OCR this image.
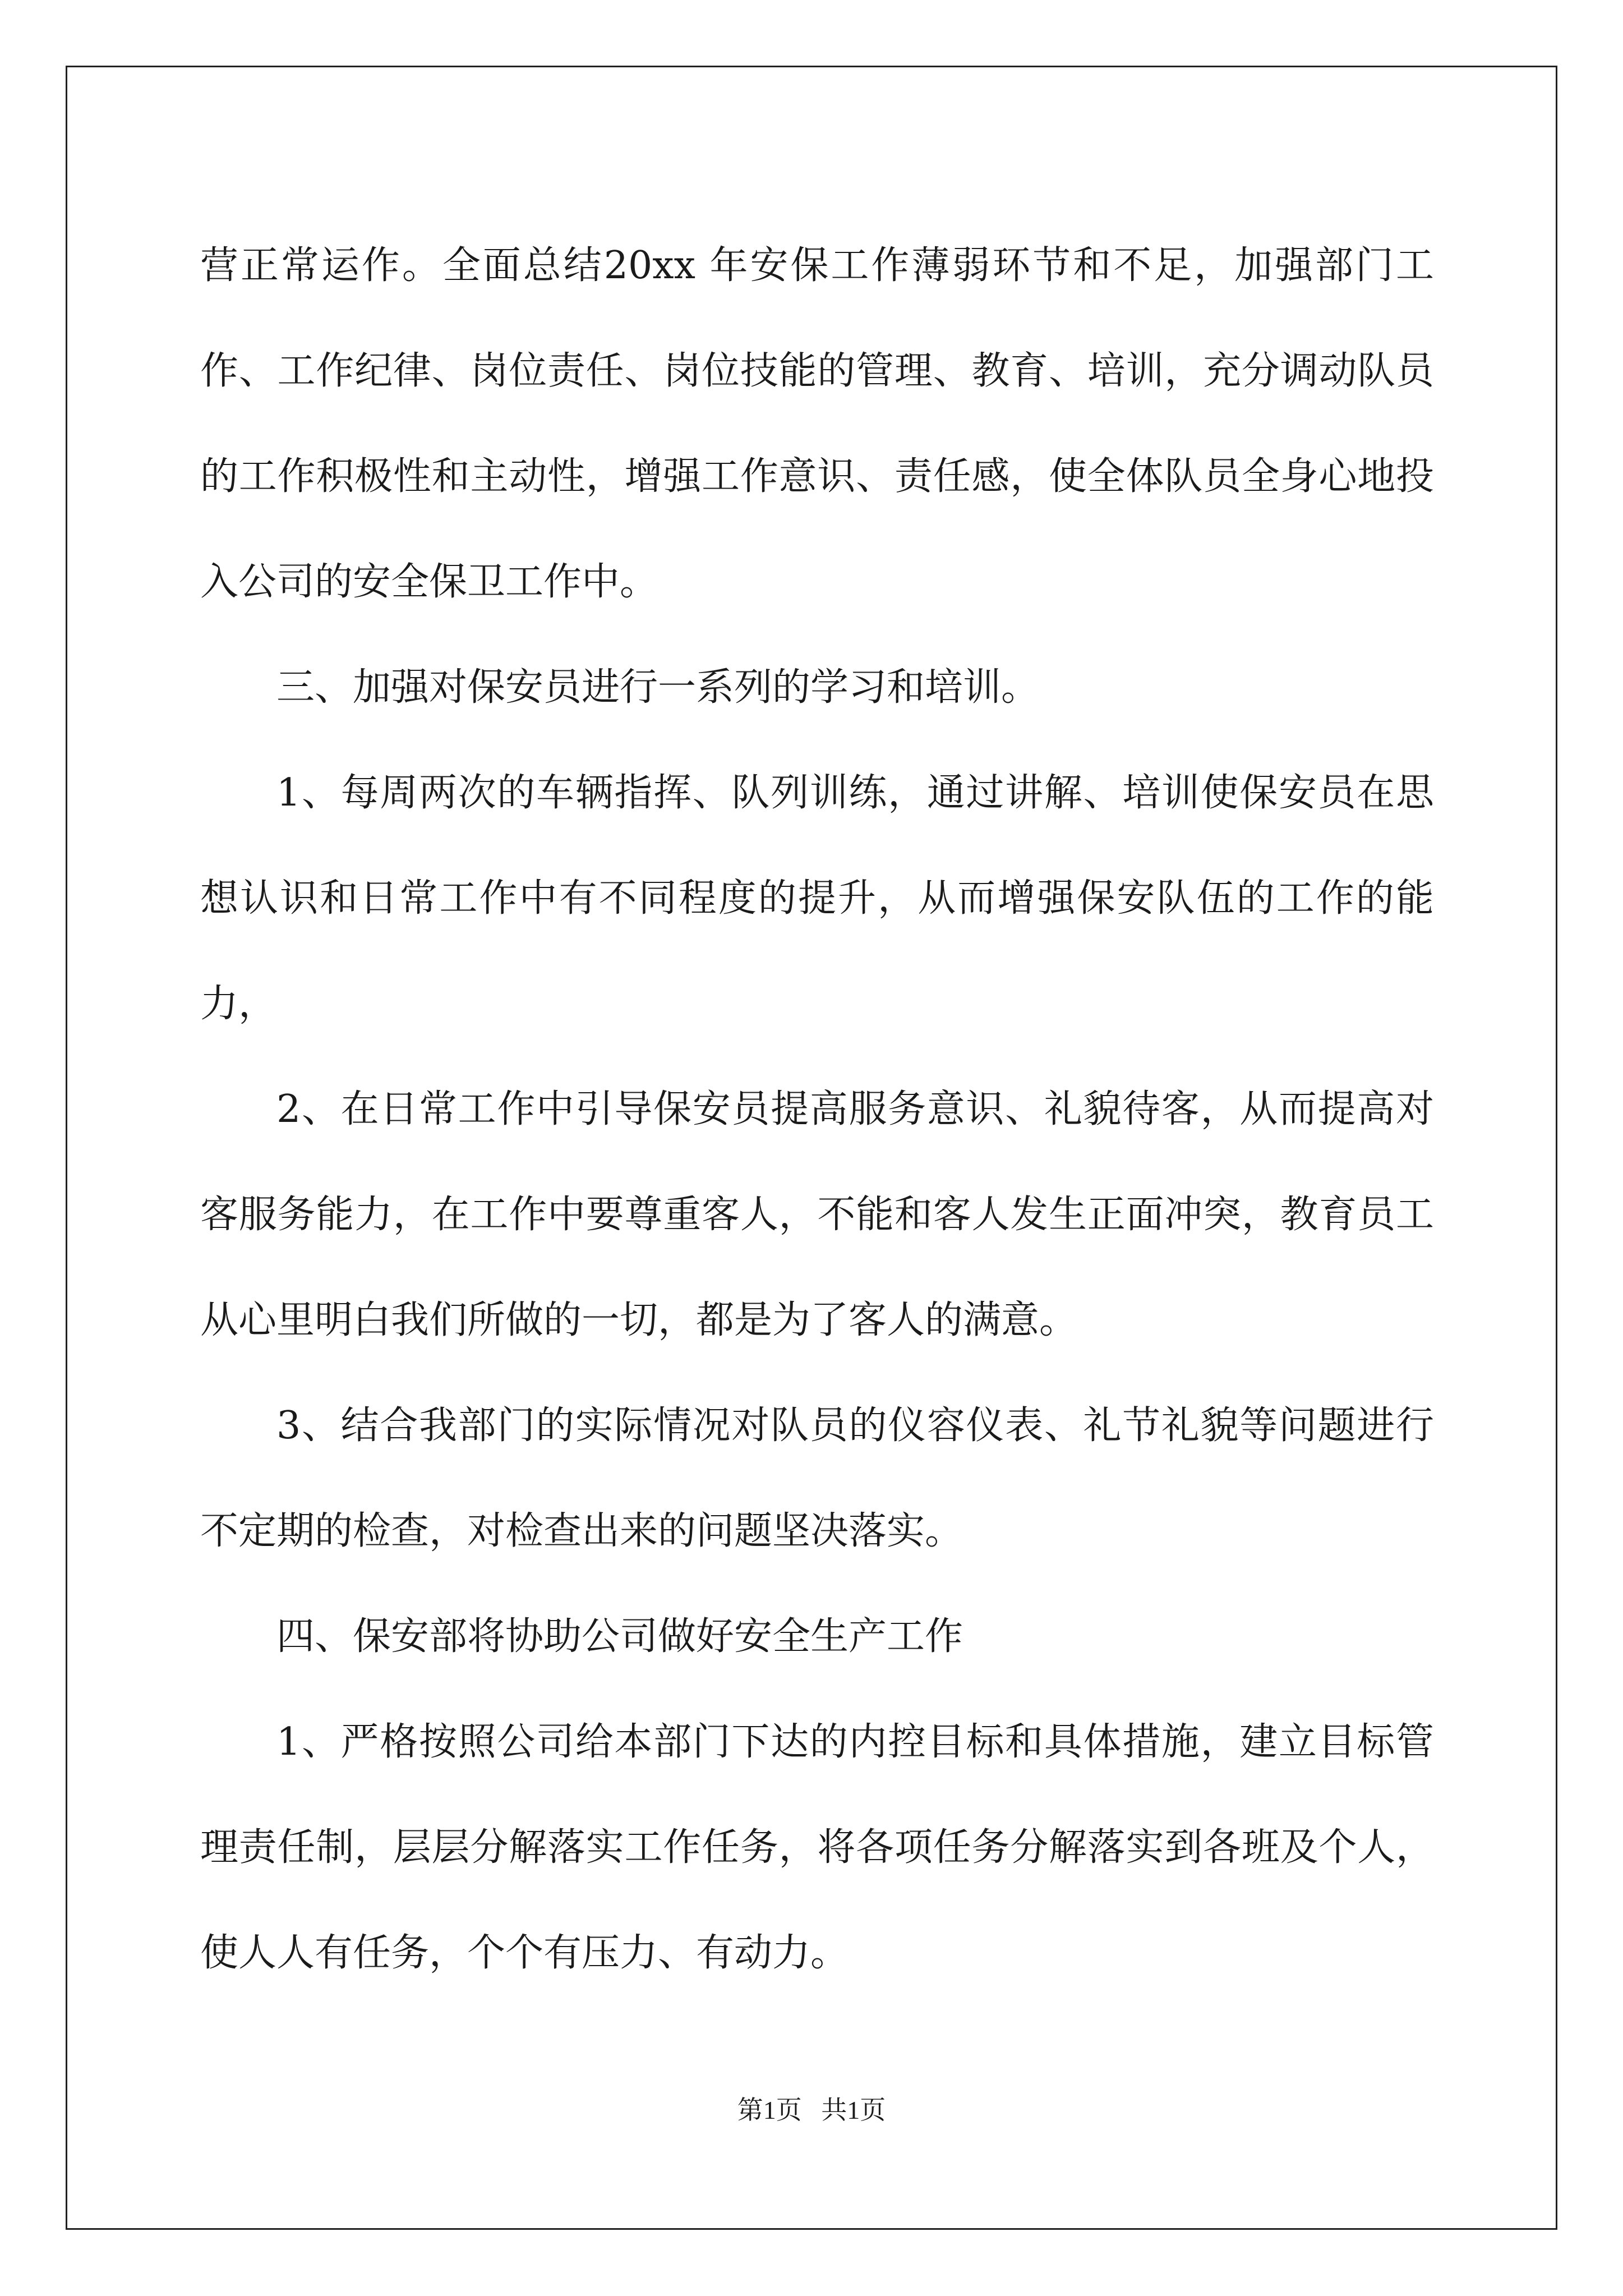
营正常运作。全面总结20xx 年安保工作薄弱环节和不足，加强部门工作、工作纪律、岗位责任、岗位技能的管理、教育、培训，充分调动队员的工作积极性和主动性，增强工作意识、责任感，使全体队员全身心地投入公司的安全保卫工作中。

三、加强对保安员进行一系列的学习和培训。

1、每周两次的车辆指挥、队列训练，通过讲解、培训使保安员在思想认识和日常工作中有不同程度的提升，从而增强保安队伍的工作的能力，

2、在日常工作中引导保安员提高服务意识、礼貌待客，从而提高对客服务能力，在工作中要尊重客人，不能和客人发生正面冲突，教育员工从心里明白我们所做的一切，都是为了客人的满意。

3、结合我部门的实际情况对队员的仪容仪表、礼节礼貌等问题进行不定期的检查，对检查出来的问题坚决落实。

四、保安部将协助公司做好安全生产工作

1、严格按照公司给本部门下达的内控目标和具体措施，建立目标管理责任制，层层分解落实工作任务，将各项任务分解落实到各班及个人，使人人有任务，个个有压力、有动力。

第1页   共1页
